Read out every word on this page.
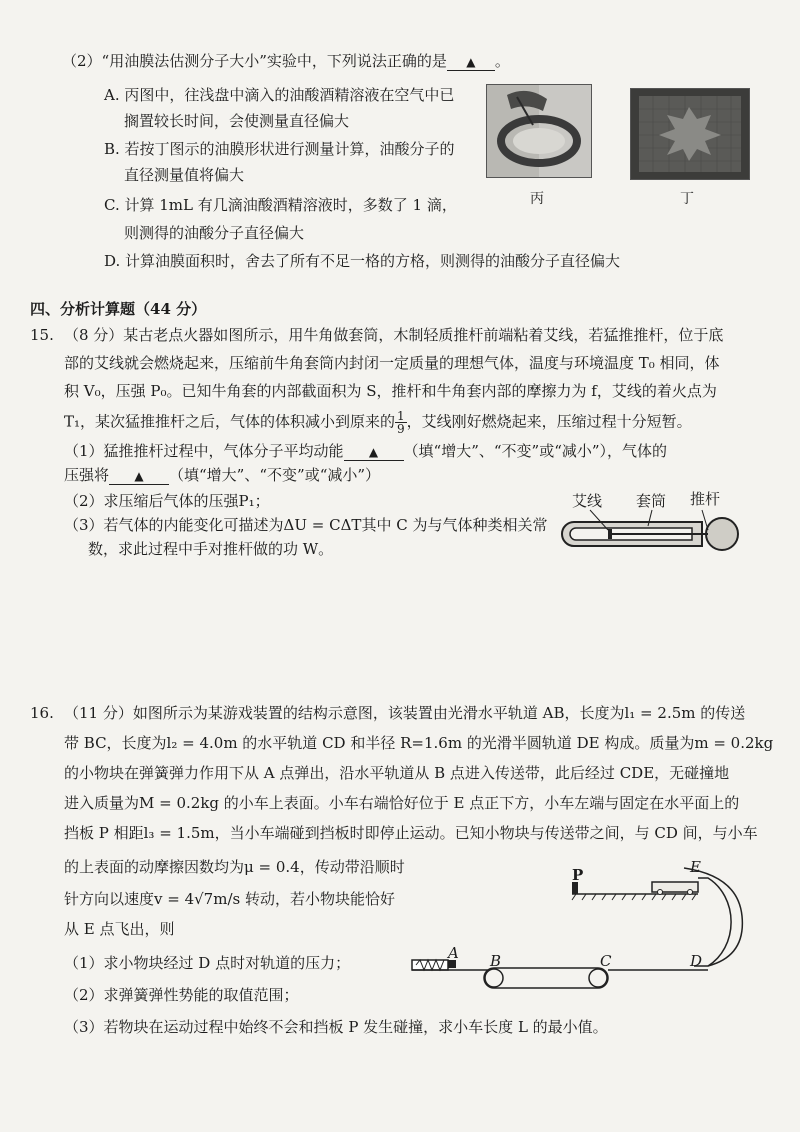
（2）“用油膜法估测分子大小”实验中，下列说法正确的是 ▲ 。
A. 丙图中，往浅盘中滴入的油酸酒精溶液在空气中已
搁置较长时间，会使测量直径偏大
B. 若按丁图示的油膜形状进行测量计算，油酸分子的
直径测量值将偏大
C. 计算 1mL 有几滴油酸酒精溶液时，多数了 1 滴，
则测得的油酸分子直径偏大
D. 计算油膜面积时，舍去了所有不足一格的方格，则测得的油酸分子直径偏大
丙	丁
四、分析计算题（44 分）
15. （8 分）某古老点火器如图所示，用牛角做套筒，木制轻质推杆前端粘着艾线，若猛推推杆，位于底
部的艾线就会燃烧起来，压缩前牛角套筒内封闭一定质量的理想气体，温度与环境温度 T₀ 相同，体
积 V₀，压强 P₀。已知牛角套的内部截面积为 S，推杆和牛角套内部的摩擦力为 f，艾线的着火点为
T₁，某次猛推推杆之后，气体的体积减小到原来的 $\frac{1}{9}$ ，艾线刚好燃烧起来，压缩过程十分短暂。
（1）猛推推杆过程中，气体分子平均动能 ▲ （填“增大”、“不变”或“减小”），气体的
压强将 ▲ （填“增大”、“不变”或“减小”）
（2）求压缩后气体的压强P₁；
（3）若气体的内能变化可描述为ΔU = CΔT其中 C 为与气体种类相关常
数，求此过程中手对推杆做的功 W。
艾线 套筒 推杆
16. （11 分）如图所示为某游戏装置的结构示意图，该装置由光滑水平轨道 AB，长度为l₁ = 2.5m 的传送
带 BC，长度为l₂ = 4.0m 的水平轨道 CD 和半径 R=1.6m 的光滑半圆轨道 DE 构成。质量为m = 0.2kg
的小物块在弹簧弹力作用下从 A 点弹出，沿水平轨道从 B 点进入传送带，此后经过 CDE，无碰撞地
进入质量为M = 0.2kg 的小车上表面。小车右端恰好位于 E 点正下方，小车左端与固定在水平面上的
挡板 P 相距l₃ = 1.5m，当小车端碰到挡板时即停止运动。已知小物块与传送带之间，与 CD 间，与小车
的上表面的动摩擦因数均为μ = 0.4，传动带沿顺时
针方向以速度v = 4√7m/s 转动，若小物块能恰好
从 E 点飞出，则
（1）求小物块经过 D 点时对轨道的压力；
（2）求弹簧弹性势能的取值范围；
（3）若物块在运动过程中始终不会和挡板 P 发生碰撞，求小车长度 L 的最小值。
P	E
A B	C	D
